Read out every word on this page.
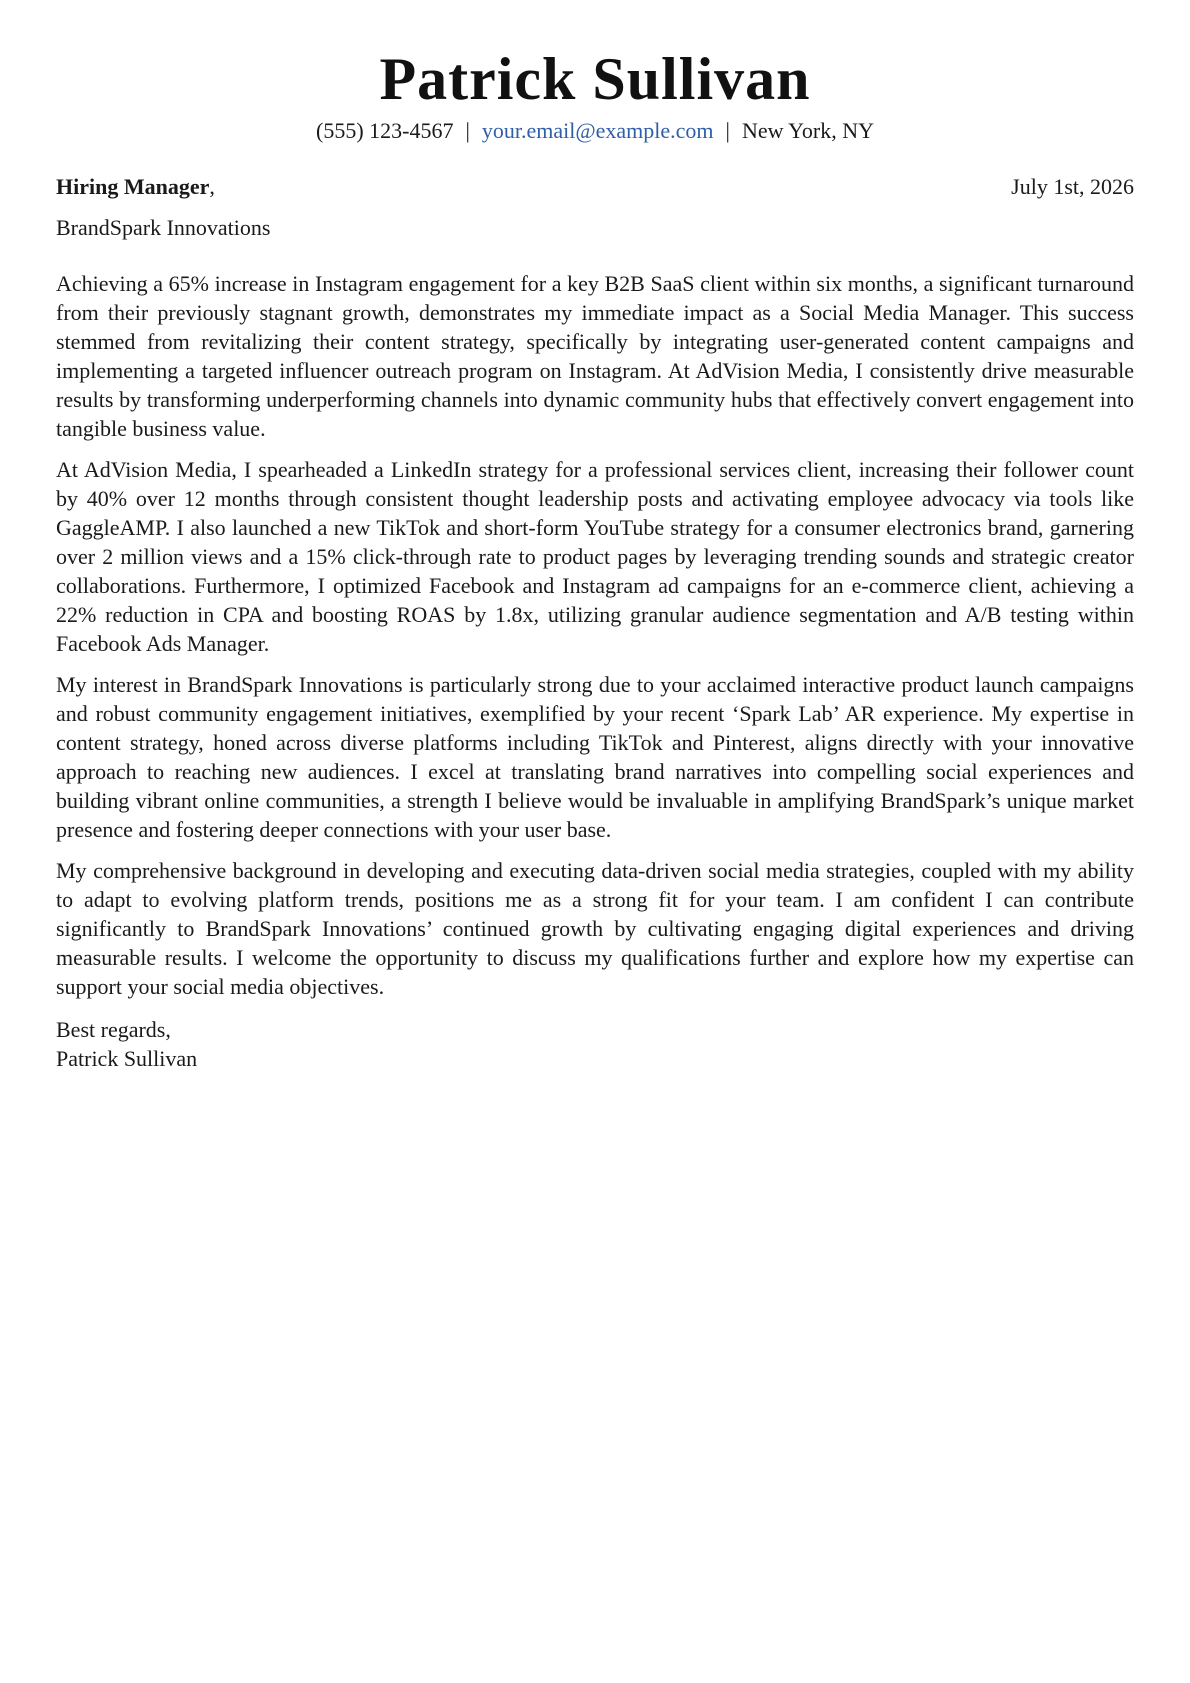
Patrick Sullivan
(555) 123-4567 | your.email@example.com | New York, NY
Hiring Manager,	July 1st, 2026
BrandSpark Innovations

Achieving a 65% increase in Instagram engagement for a key B2B SaaS client within six months, a significant turnaround from their previously stagnant growth, demonstrates my immediate impact as a Social Media Manager. This success stemmed from revitalizing their content strategy, specifically by integrating user-generated content campaigns and implementing a targeted influencer outreach program on Instagram. At AdVision Media, I consistently drive measurable results by transforming underperforming channels into dynamic community hubs that effectively convert engagement into tangible business value.

At AdVision Media, I spearheaded a LinkedIn strategy for a professional services client, increasing their follower count by 40% over 12 months through consistent thought leadership posts and activating employee advocacy via tools like GaggleAMP. I also launched a new TikTok and short-form YouTube strategy for a consumer electronics brand, garnering over 2 million views and a 15% click-through rate to product pages by leveraging trending sounds and strategic creator collaborations. Furthermore, I optimized Facebook and Instagram ad campaigns for an e-commerce client, achieving a 22% reduction in CPA and boosting ROAS by 1.8x, utilizing granular audience segmentation and A/B testing within Facebook Ads Manager.

My interest in BrandSpark Innovations is particularly strong due to your acclaimed interactive product launch campaigns and robust community engagement initiatives, exemplified by your recent ‘Spark Lab’ AR experience. My expertise in content strategy, honed across diverse platforms including TikTok and Pinterest, aligns directly with your innovative approach to reaching new audiences. I excel at translating brand narratives into compelling social experiences and building vibrant online communities, a strength I believe would be invaluable in amplifying BrandSpark’s unique market presence and fostering deeper connections with your user base.

My comprehensive background in developing and executing data-driven social media strategies, coupled with my ability to adapt to evolving platform trends, positions me as a strong fit for your team. I am confident I can contribute significantly to BrandSpark Innovations’ continued growth by cultivating engaging digital experiences and driving measurable results. I welcome the opportunity to discuss my qualifications further and explore how my expertise can support your social media objectives.

Best regards,
Patrick Sullivan
